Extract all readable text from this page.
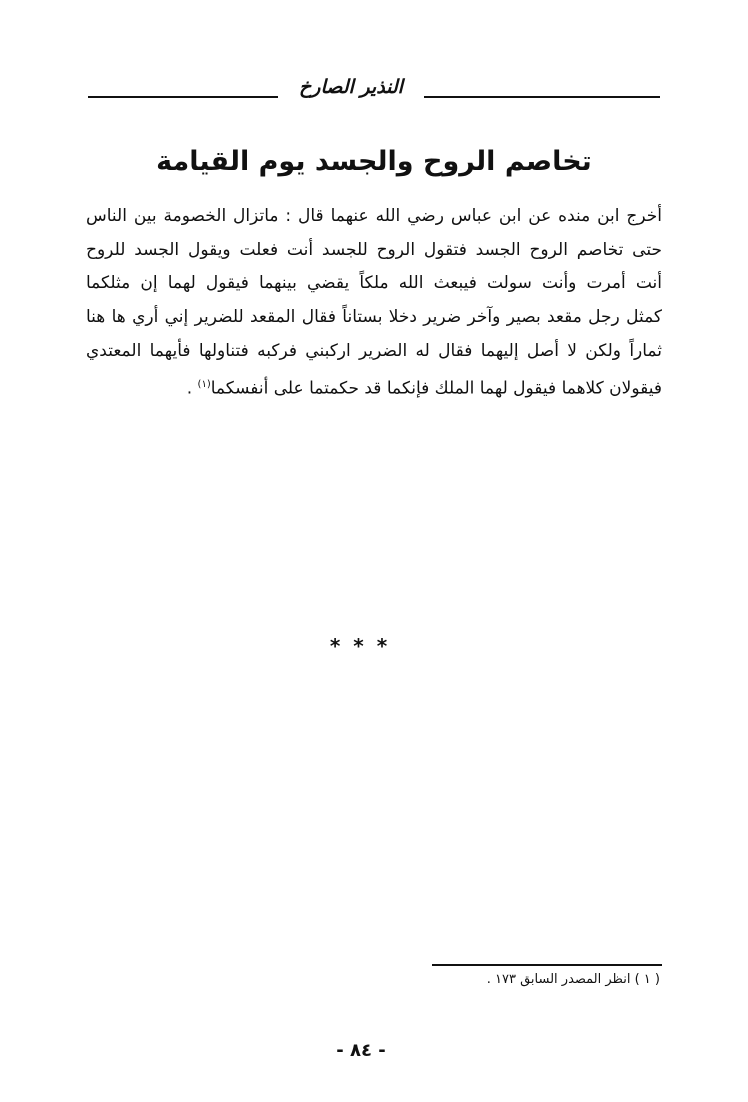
النذير الصارخ
تخاصم الروح والجسد يوم القيامة
أخرج ابن منده عن ابن عباس رضي الله عنهما قال : ماتزال الخصومة بين الناس
حتى تخاصم الروح الجسد فتقول الروح للجسد أنت فعلت ويقول الجسد للروح
أنت أمرت وأنت سولت فيبعث الله ملكاً يقضي بينهما فيقول لهما إن مثلكما
كمثل رجل مقعد بصير وآخر ضرير دخلا بستاناً فقال المقعد للضرير إني أري ها هنا
ثماراً ولكن لا أصل إليهما فقال له الضرير اركبني فركبه فتناولها فأيهما المعتدي
فيقولان كلاهما فيقول لهما الملك فإنكما قد حكمتما على أنفسكما$^{(١)}$ .
* * *
( ١ ) انظر المصدر السابق ١٧٣ .
- ٨٤ -
